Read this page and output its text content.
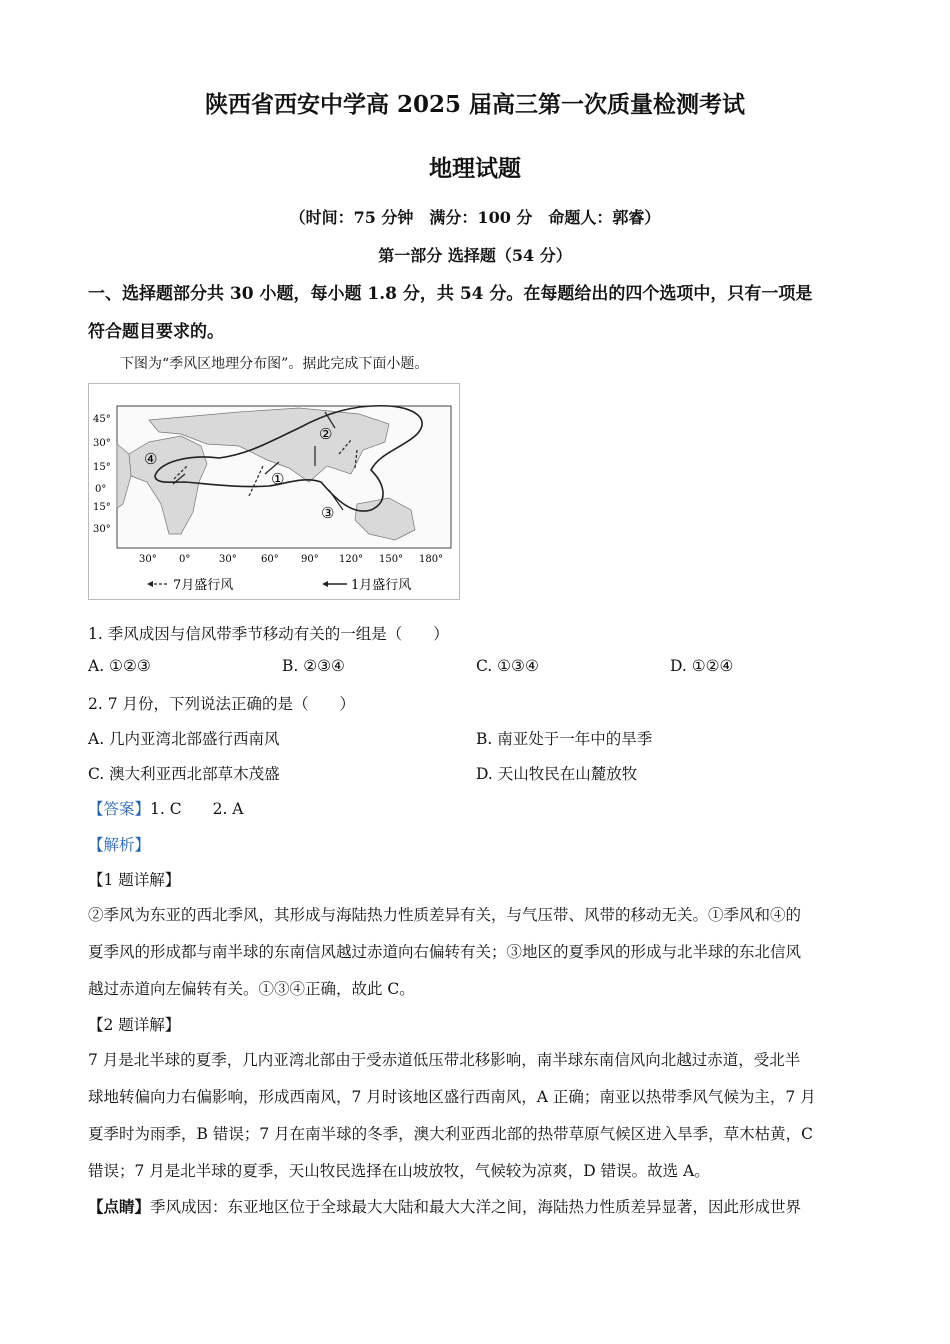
陕西省西安中学高 2025 届高三第一次质量检测考试
地理试题
（时间：75 分钟　满分：100 分　命题人：郭睿）
第一部分 选择题（54 分）
一、选择题部分共 30 小题，每小题 1.8 分，共 54 分。在每题给出的四个选项中，只有一项是
符合题目要求的。
下图为“季风区地理分布图”。据此完成下面小题。
45°
30°
15°
0°
15°
30°
30° 0°	30° 60° 90° 120° 150° 180°
①
②
③
④
7月盛行风	1月盛行风
1. 季风成因与信风带季节移动有关的一组是（　　）
A. ①②③	B. ②③④	C. ①③④	D. ①②④
2. 7 月份，下列说法正确的是（　　）
A. 几内亚湾北部盛行西南风	B. 南亚处于一年中的旱季
C. 澳大利亚西北部草木茂盛	D. 天山牧民在山麓放牧
【答案】1. C　　2. A
【解析】
【1 题详解】
②季风为东亚的西北季风，其形成与海陆热力性质差异有关，与气压带、风带的移动无关。①季风和④的
夏季风的形成都与南半球的东南信风越过赤道向右偏转有关；③地区的夏季风的形成与北半球的东北信风
越过赤道向左偏转有关。①③④正确，故此 C。
【2 题详解】
7 月是北半球的夏季，几内亚湾北部由于受赤道低压带北移影响，南半球东南信风向北越过赤道，受北半
球地转偏向力右偏影响，形成西南风，7 月时该地区盛行西南风，A 正确；南亚以热带季风气候为主，7 月
夏季时为雨季，B 错误；7 月在南半球的冬季，澳大利亚西北部的热带草原气候区进入旱季，草木枯黄，C
错误；7 月是北半球的夏季，天山牧民选择在山坡放牧，气候较为凉爽，D 错误。故选 A。
【点睛】季风成因：东亚地区位于全球最大大陆和最大大洋之间，海陆热力性质差异显著，因此形成世界
